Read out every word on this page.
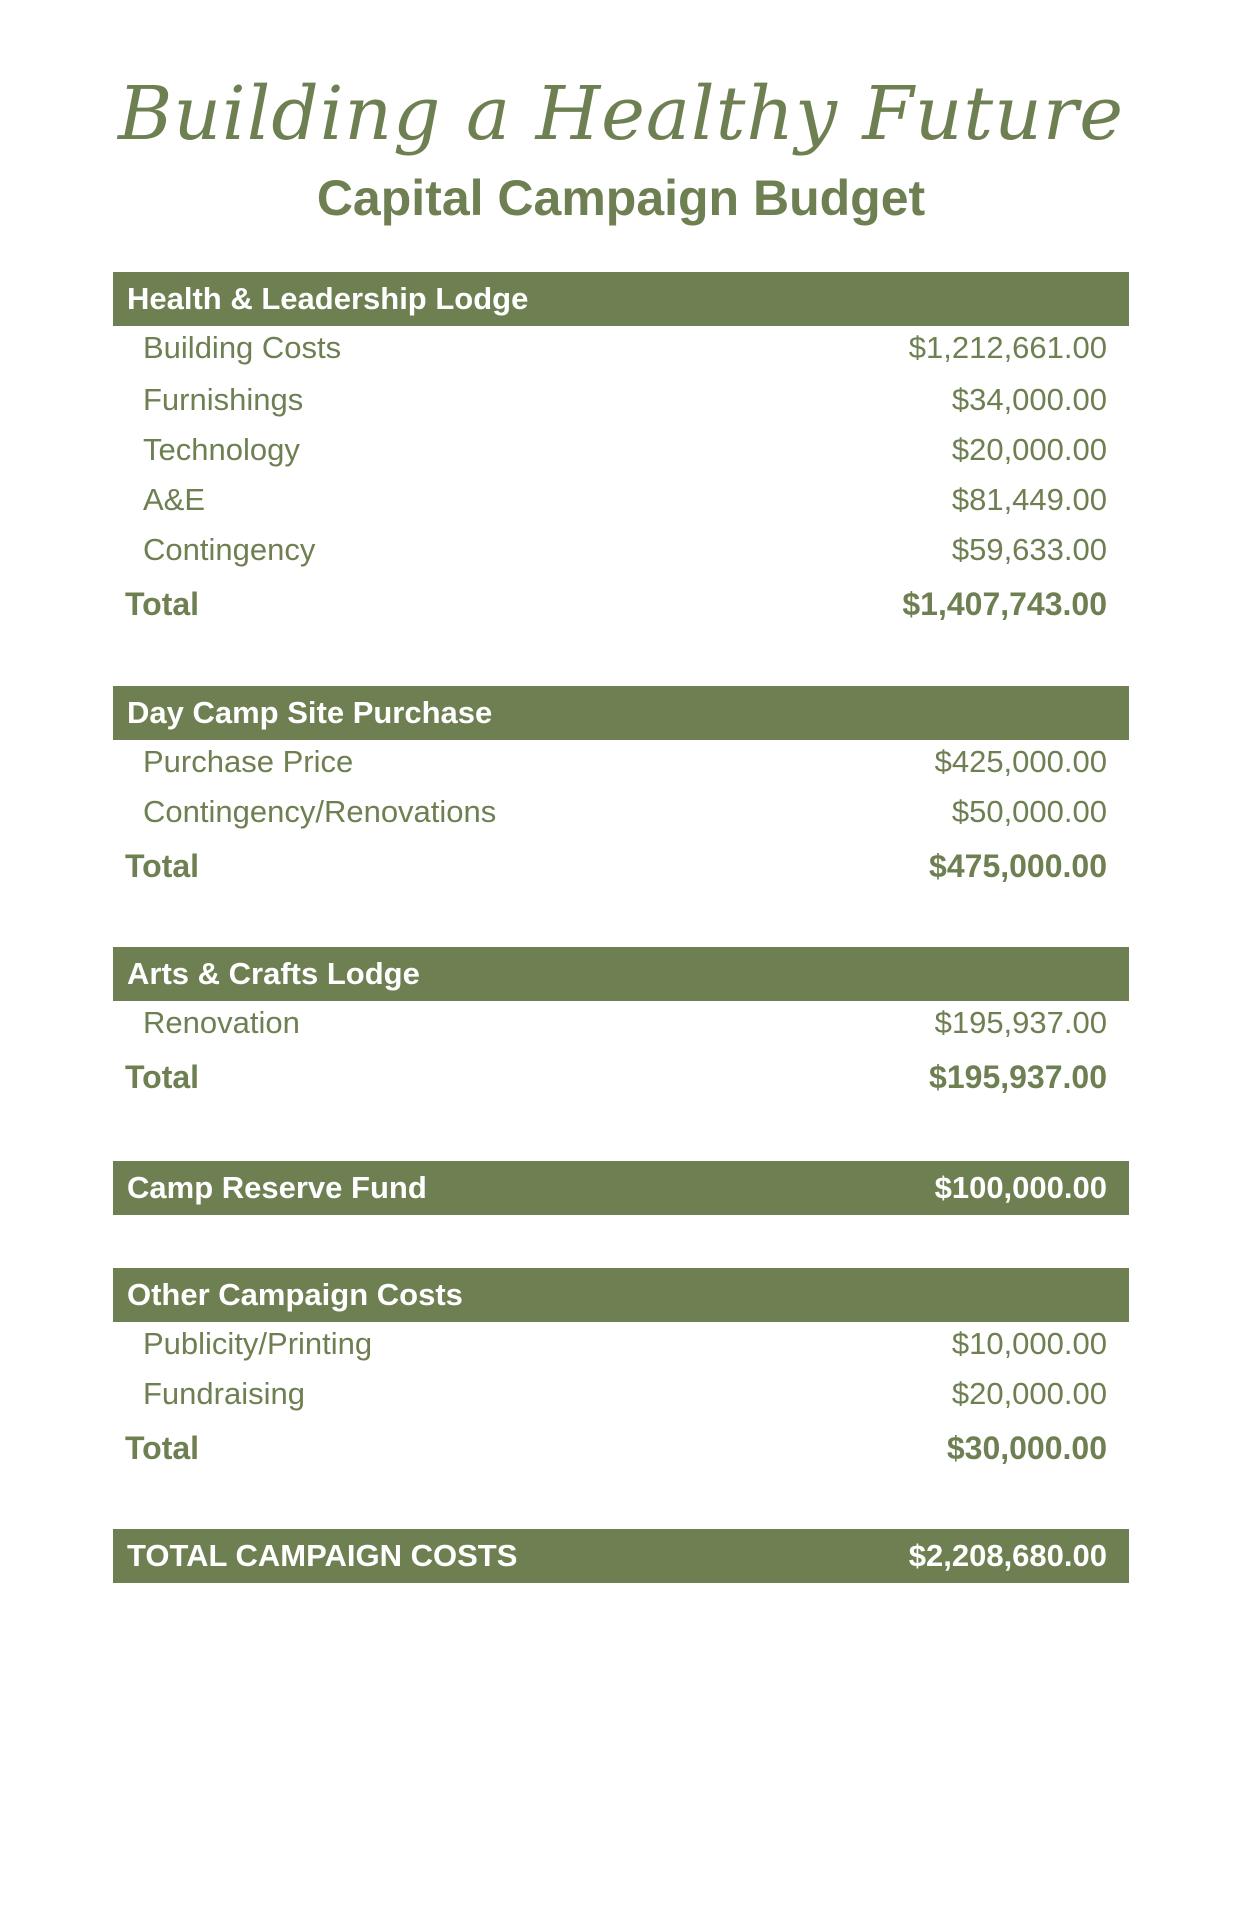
Building a Healthy Future
Capital Campaign Budget
Health & Leadership Lodge
Building Costs	$1,212,661.00
Furnishings	$34,000.00
Technology	$20,000.00
A&E	$81,449.00
Contingency	$59,633.00
Total	$1,407,743.00
Day Camp Site Purchase
Purchase Price	$425,000.00
Contingency/Renovations	$50,000.00
Total	$475,000.00
Arts & Crafts Lodge
Renovation	$195,937.00
Total	$195,937.00
Camp Reserve Fund	$100,000.00
Other Campaign Costs
Publicity/Printing	$10,000.00
Fundraising	$20,000.00
Total	$30,000.00
TOTAL CAMPAIGN COSTS	$2,208,680.00
